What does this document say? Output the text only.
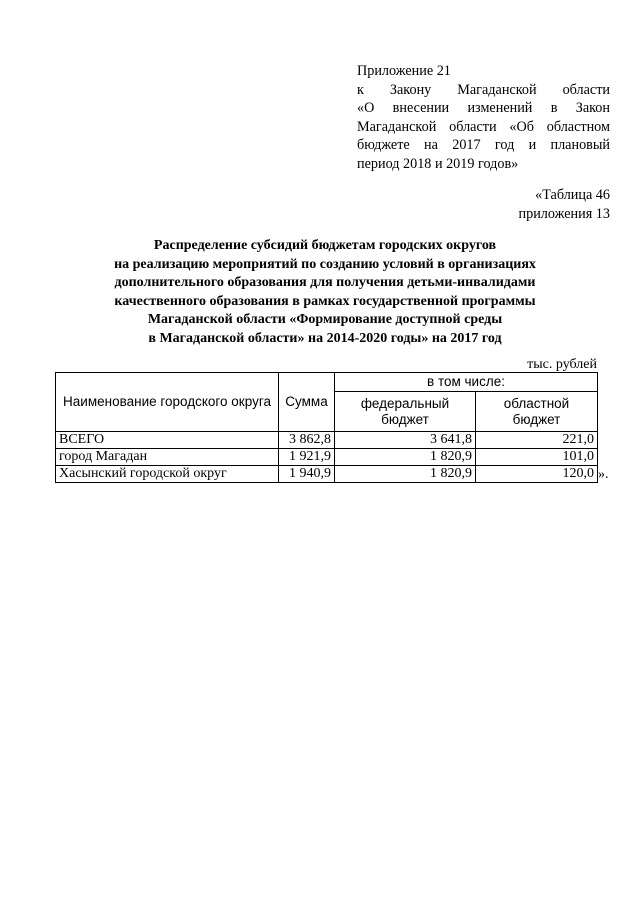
Приложение 21
к Закону Магаданской области
«О внесении изменений в Закон
Магаданской области «Об областном
бюджете на 2017 год и плановый
период 2018 и 2019 годов»
«Таблица 46
приложения 13
Распределение субсидий бюджетам городских округов
на реализацию мероприятий по созданию условий в организациях
дополнительного образования для получения детьми-инвалидами
качественного образования в рамках государственной программы
Магаданской области «Формирование доступной среды
в Магаданской области» на 2014-2020 годы» на 2017 год
тыс. рублей
Наименование городского округа	Сумма	в том числе:	
		федеральный бюджет	областной бюджет
ВСЕГО	3 862,8	3 641,8	221,0
город Магадан	1 921,9	1 820,9	101,0
Хасынский городской округ	1 940,9	1 820,9	120,0 ».
